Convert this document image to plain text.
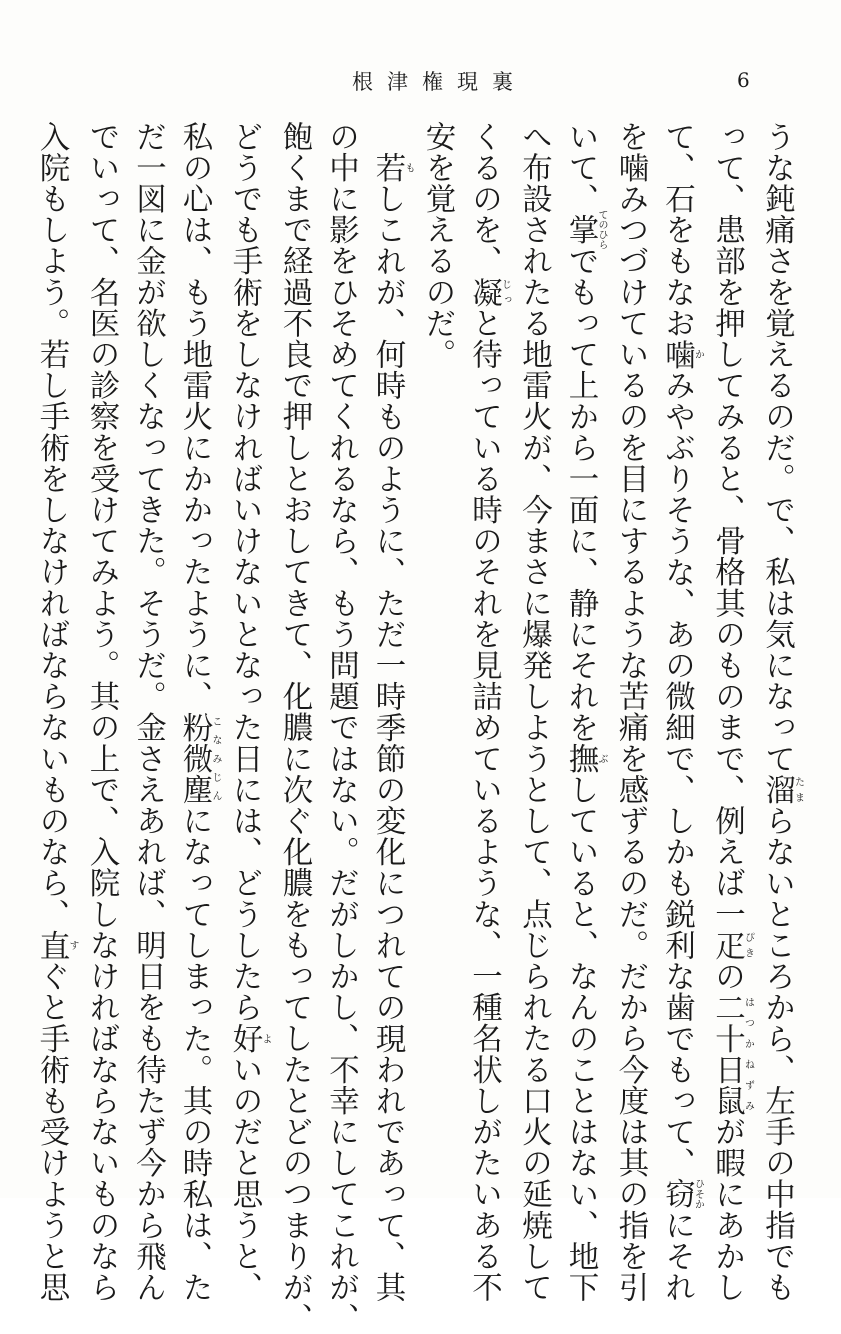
根津権現裏	6
うな鈍痛さを覚えるのだ。で、私は気になって溜たまらないところから、左手の中指でも
って、患部を押してみると、骨格其のものまで、例えば一疋ぴきの二十日鼠はつかねずみが暇にあかし
て、石をもなお噛かみやぶりそうな、あの微細で、しかも鋭利な歯でもって、窃ひそかにそれ
を噛みつづけているのを目にするような苦痛を感ずるのだ。だから今度は其の指を引
いて、掌てのひらでもって上から一面に、静にそれを撫ぶしていると、なんのことはない、地下
へ布設されたる地雷火が、今まさに爆発しようとして、点じられたる口火の延焼して
くるのを、凝じっと待っている時のそれを見詰めているような、一種名状しがたいある不
安を覚えるのだ。
　若もしこれが、何時ものように、ただ一時季節の変化につれての現われであって、其
の中に影をひそめてくれるなら、もう問題ではない。だがしかし、不幸にしてこれが、
飽くまで経過不良で押しとおしてきて、化膿に次ぐ化膿をもってしたとどのつまりが、
どうでも手術をしなければいけないとなった日には、どうしたら好よいのだと思うと、
私の心は、もう地雷火にかかったように、粉微塵こなみじんになってしまった。其の時私は、た
だ一図に金が欲しくなってきた。そうだ。金さえあれば、明日をも待たず今から飛ん
でいって、名医の診察を受けてみよう。其の上で、入院しなければならないものなら
入院もしよう。若し手術をしなければならないものなら、直すぐと手術も受けようと思
